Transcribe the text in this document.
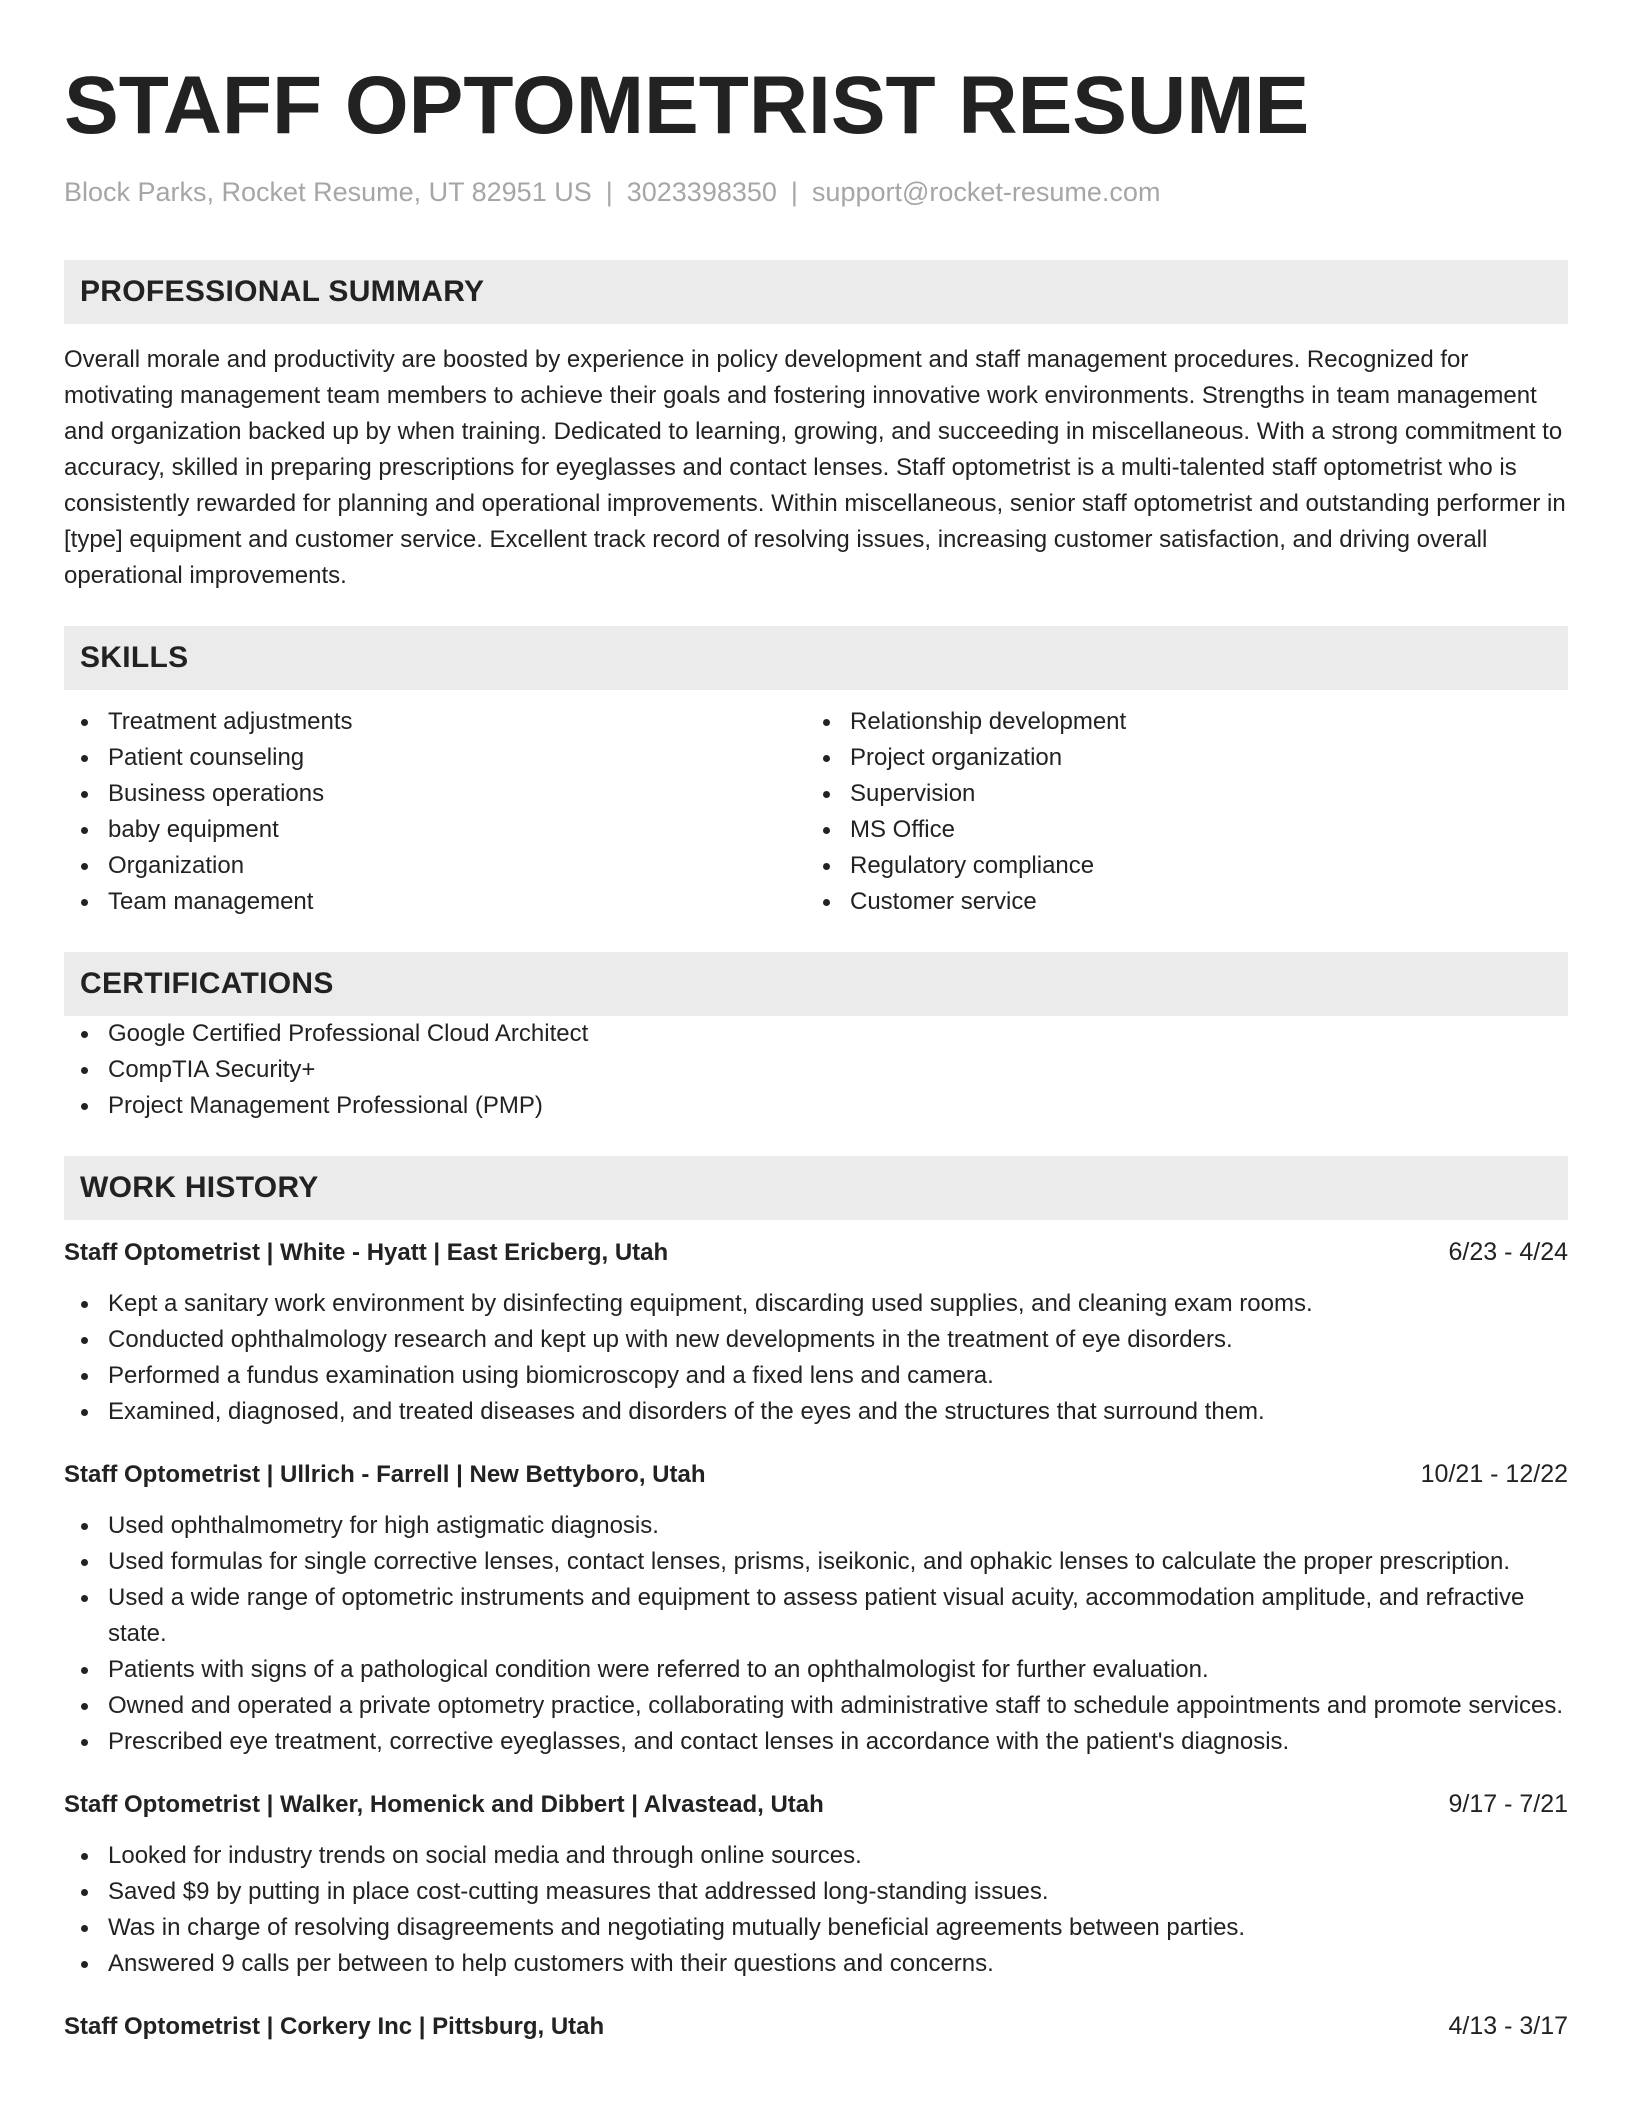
STAFF OPTOMETRIST RESUME
Block Parks, Rocket Resume, UT 82951 US | 3023398350 | support@rocket-resume.com
PROFESSIONAL SUMMARY

Overall morale and productivity are boosted by experience in policy development and staff management procedures. Recognized for motivating management team members to achieve their goals and fostering innovative work environments. Strengths in team management and organization backed up by when training. Dedicated to learning, growing, and succeeding in miscellaneous. With a strong commitment to accuracy, skilled in preparing prescriptions for eyeglasses and contact lenses. Staff optometrist is a multi-talented staff optometrist who is consistently rewarded for planning and operational improvements. Within miscellaneous, senior staff optometrist and outstanding performer in [type] equipment and customer service. Excellent track record of resolving issues, increasing customer satisfaction, and driving overall operational improvements.

SKILLS
Treatment adjustments
Patient counseling
Business operations
baby equipment
Organization
Team management
Relationship development
Project organization
Supervision
MS Office
Regulatory compliance
Customer service
CERTIFICATIONS
Google Certified Professional Cloud Architect
CompTIA Security+
Project Management Professional (PMP)
WORK HISTORY
Staff Optometrist | White - Hyatt | East Ericberg, Utah	6/23 - 4/24
Kept a sanitary work environment by disinfecting equipment, discarding used supplies, and cleaning exam rooms.
Conducted ophthalmology research and kept up with new developments in the treatment of eye disorders.
Performed a fundus examination using biomicroscopy and a fixed lens and camera.
Examined, diagnosed, and treated diseases and disorders of the eyes and the structures that surround them.
Staff Optometrist | Ullrich - Farrell | New Bettyboro, Utah	10/21 - 12/22
Used ophthalmometry for high astigmatic diagnosis.
Used formulas for single corrective lenses, contact lenses, prisms, iseikonic, and ophakic lenses to calculate the proper prescription.
Used a wide range of optometric instruments and equipment to assess patient visual acuity, accommodation amplitude, and refractive state.
Patients with signs of a pathological condition were referred to an ophthalmologist for further evaluation.
Owned and operated a private optometry practice, collaborating with administrative staff to schedule appointments and promote services.
Prescribed eye treatment, corrective eyeglasses, and contact lenses in accordance with the patient's diagnosis.
Staff Optometrist | Walker, Homenick and Dibbert | Alvastead, Utah	9/17 - 7/21
Looked for industry trends on social media and through online sources.
Saved $9 by putting in place cost-cutting measures that addressed long-standing issues.
Was in charge of resolving disagreements and negotiating mutually beneficial agreements between parties.
Answered 9 calls per between to help customers with their questions and concerns.
Staff Optometrist | Corkery Inc | Pittsburg, Utah	4/13 - 3/17
